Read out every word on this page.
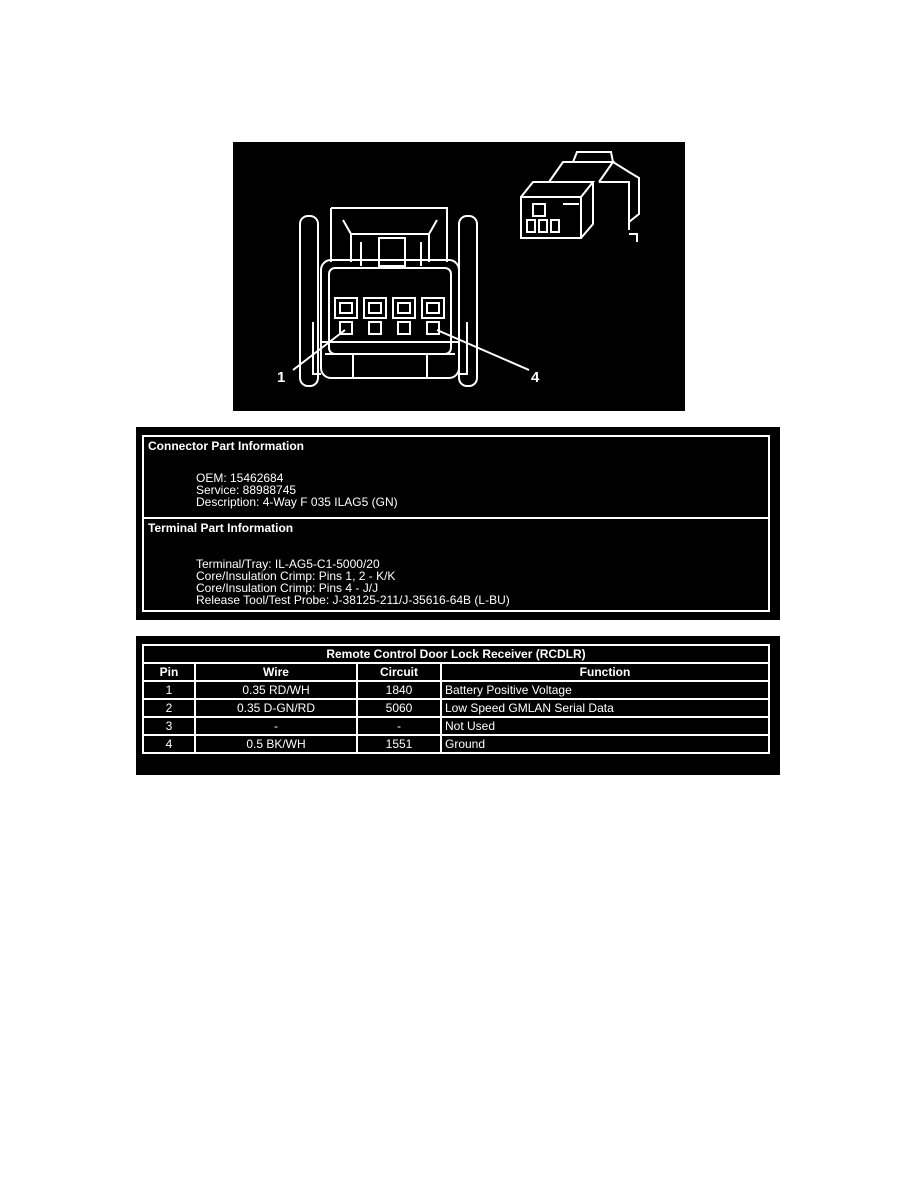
1	4
Connector Part Information
OEM: 15462684
Service: 88988745
Description: 4-Way F 035 ILAG5 (GN)
Terminal Part Information
Terminal/Tray: IL-AG5-C1-5000/20
Core/Insulation Crimp: Pins 1, 2 - K/K
Core/Insulation Crimp: Pins 4 - J/J
Release Tool/Test Probe: J-38125-211/J-35616-64B (L-BU)
Remote Control Door Lock Receiver (RCDLR)			
Pin	Wire	Circuit	Function
1	0.35 RD/WH	1840	Battery Positive Voltage
2	0.35 D-GN/RD	5060	Low Speed GMLAN Serial Data
3	-	-	Not Used
4	0.5 BK/WH	1551	Ground
